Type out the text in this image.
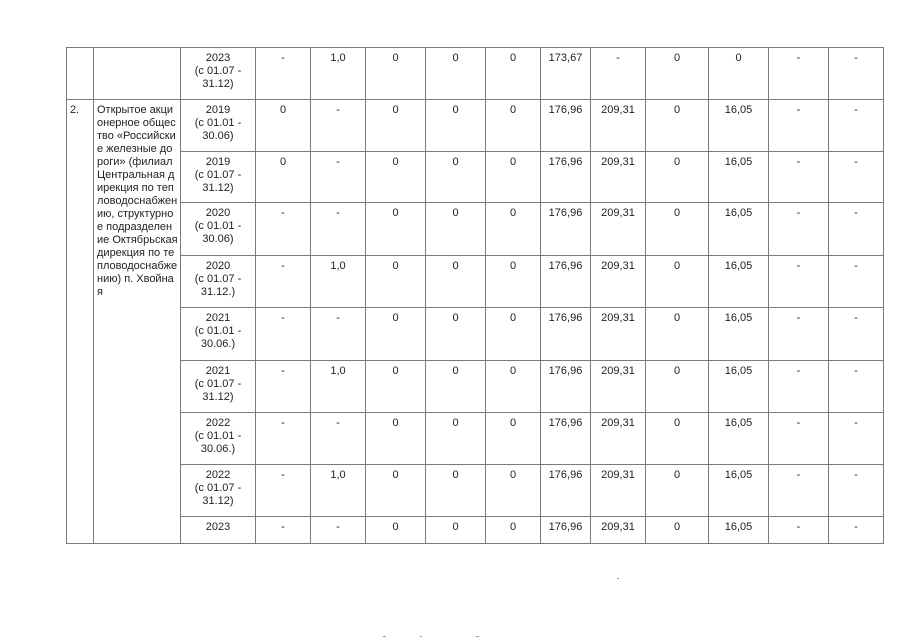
		2023
(с 01.07 -
31.12)	-	1,0	0	0	0	173,67	-	0	0	-	-
2.	Открытое акционерное общество «Российские железные дороги» (филиал Центральная дирекция по тепловодоснабжению, структурное подразделение Октябрьская дирекция по тепловодоснабжению) п. Хвойная	2019
(с 01.01 -
30.06)	0	-	0	0	0	176,96	209,31	0	16,05	-	-
		2019
(с 01.07 -
31.12)	0	-	0	0	0	176,96	209,31	0	16,05	-	-
		2020
(с 01.01 -
30.06)	-	-	0	0	0	176,96	209,31	0	16,05	-	-
		2020
(с 01.07 -
31.12.)	-	1,0	0	0	0	176,96	209,31	0	16,05	-	-
		2021
(с 01.01 -
30.06.)	-	-	0	0	0	176,96	209,31	0	16,05	-	-
		2021
(с 01.07 -
31.12)	-	1,0	0	0	0	176,96	209,31	0	16,05	-	-
		2022
(с 01.01 -
30.06.)	-	-	0	0	0	176,96	209,31	0	16,05	-	-
		2022
(с 01.07 -
31.12)	-	1,0	0	0	0	176,96	209,31	0	16,05	-	-
		2023	-	-	0	0	0	176,96	209,31	0	16,05	-	-
